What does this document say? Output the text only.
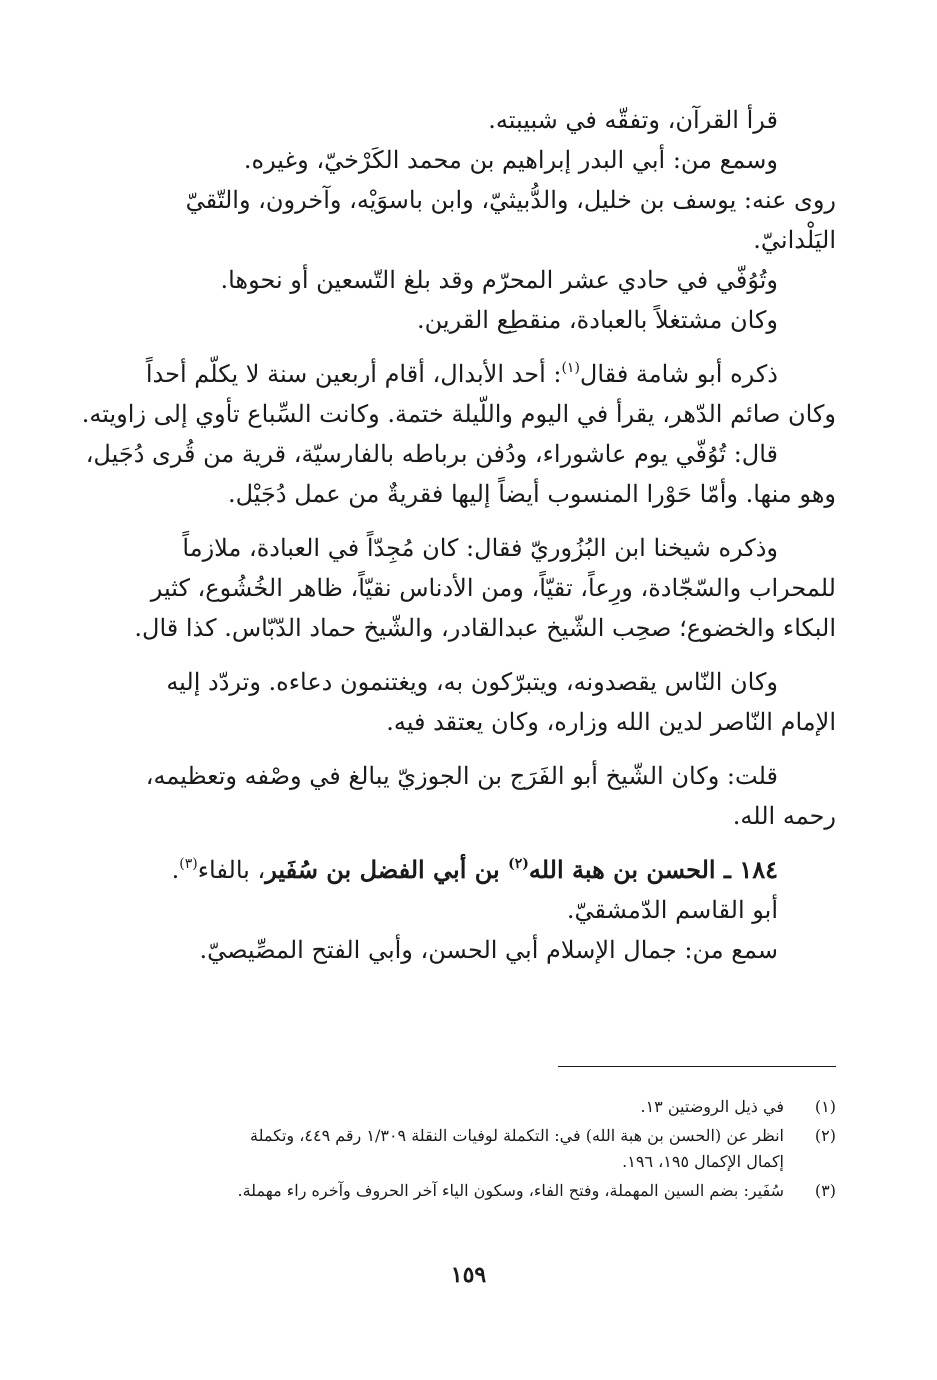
قرأ القرآن، وتفقّه في شبيبته.
وسمع من: أبي البدر إبراهيم بن محمد الكَرْخيّ، وغيره.
روى عنه: يوسف بن خليل، والدُّبيثيّ، وابن باسوَيْه، وآخرون، والتّقيّ
اليَلْدانيّ.
وتُوُفّي في حادي عشر المحرّم وقد بلغ التّسعين أو نحوها.
وكان مشتغلاً بالعبادة، منقطِع القرين.
ذكره أبو شامة فقال$^{(١)}$: أحد الأبدال، أقام أربعين سنة لا يكلّم أحداً
وكان صائم الدّهر، يقرأ في اليوم واللّيلة ختمة. وكانت السِّباع تأوي إلى زاويته.
قال: تُوُفّي يوم عاشوراء، ودُفن برباطه بالفارسيّة، قرية من قُرى دُجَيل،
وهو منها. وأمّا حَوْرا المنسوب أيضاً إليها فقريةٌ من عمل دُجَيْل.
وذكره شيخنا ابن البُزُوريّ فقال: كان مُجِدّاً في العبادة، ملازماً
للمحراب والسّجّادة، ورِعاً، تقيّاً، ومن الأدناس نقيّاً، ظاهر الخُشُوع، كثير
البكاء والخضوع؛ صحِب الشّيخ عبدالقادر، والشّيخ حماد الدّبّاس. كذا قال.
وكان النّاس يقصدونه، ويتبرّكون به، ويغتنمون دعاءه. وتردّد إليه
الإمام النّاصر لدين الله وزاره، وكان يعتقد فيه.
قلت: وكان الشّيخ أبو الفَرَج بن الجوزيّ يبالغ في وصْفه وتعظيمه،
رحمه الله.
١٨٤ ـ الحسن بن هبة الله$^{(٢)}$ بن أبي الفضل بن سُفَير، بالفاء$^{(٣)}$.
أبو القاسم الدّمشقيّ.
سمع من: جمال الإسلام أبي الحسن، وأبي الفتح المصِّيصيّ.
(١)
في ذيل الروضتين ١٣.
(٢)
انظر عن (الحسن بن هبة الله) في: التكملة لوفيات النقلة ١/٣٠٩ رقم ٤٤٩، وتكملة
إكمال الإكمال ١٩٥، ١٩٦.
(٣)
سُفَير: بضم السين المهملة، وفتح الفاء، وسكون الياء آخر الحروف وآخره راء مهملة.
١٥٩
